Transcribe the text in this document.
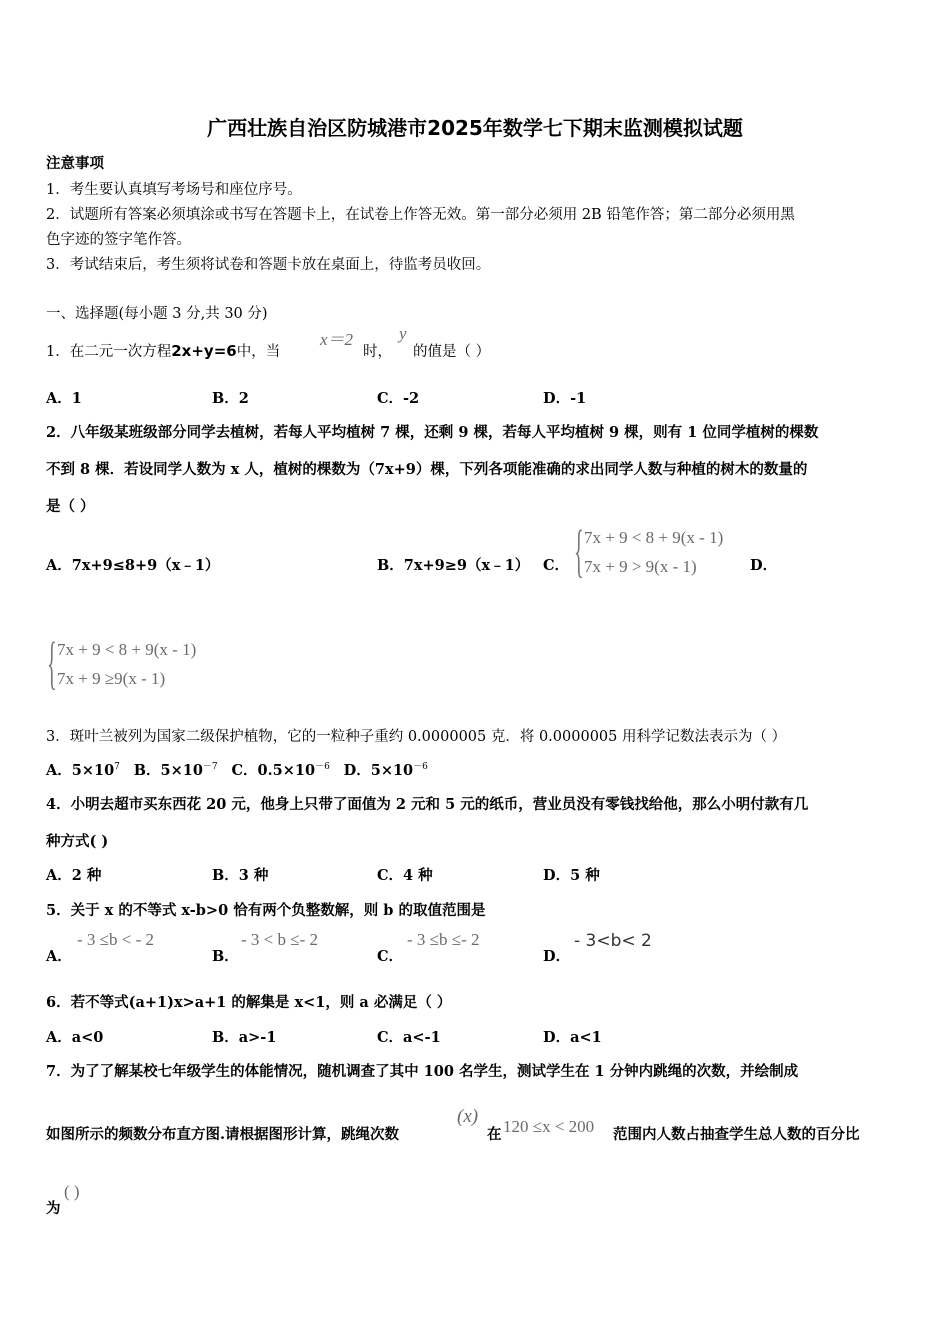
广西壮族自治区防城港市2025年数学七下期末监测模拟试题
注意事项
1．考生要认真填写考场号和座位序号。
2．试题所有答案必须填涂或书写在答题卡上，在试卷上作答无效。第一部分必须用 2B 铅笔作答；第二部分必须用黑
色字迹的签字笔作答。
3．考试结束后，考生须将试卷和答题卡放在桌面上，待监考员收回。
一、选择题(每小题 3 分,共 30 分)
1．在二元一次方程2x+y=6中，当
x＝2
时，
y
的值是（ ）
A．1	B．2	C．-2	D．-1
2．八年级某班级部分同学去植树，若每人平均植树 7 棵，还剩 9 棵，若每人平均植树 9 棵，则有 1 位同学植树的棵数
不到 8 棵．若设同学人数为 x 人，植树的棵数为（7x+9）棵，下列各项能准确的求出同学人数与种植的树木的数量的
是（ ）
A．7x+9≤8+9（x﹣1）	B．7x+9≥9（x﹣1） C． { 7x + 9 < 8 + 9(x - 1)
7x + 9 > 9(x - 1)	D．
{ 7x + 9 < 8 + 9(x - 1)
7x + 9 ≥9(x - 1)
3．斑叶兰被列为国家二级保护植物，它的一粒种子重约 0.0000005 克．将 0.0000005 用科学记数法表示为（ ）
A．$5\times 10^7$ B．$5\times 10^{-7}$ C．$0.5\times 10^{-6}$ D．$5\times 10^{-6}$
4．小明去超市买东西花 20 元，他身上只带了面值为 2 元和 5 元的纸币，营业员没有零钱找给他，那么小明付款有几
种方式( )
A．2 种	B．3 种	C．4 种	D．5 种
5．关于 x 的不等式 x-b>0 恰有两个负整数解，则 b 的取值范围是
A．
- 3 ≤b < - 2
B．
- 3 < b ≤- 2
C．
- 3 ≤b ≤- 2
D．
- 3<b< 2
6．若不等式(a+1)x>a+1 的解集是 x<1，则 a 必满足（ ）
A．a<0	B．a>-1	C．a<-1	D．a<1
7．为了了解某校七年级学生的体能情况，随机调查了其中 100 名学生，测试学生在 1 分钟内跳绳的次数，并绘制成
如图所示的频数分布直方图.请根据图形计算，跳绳次数
(x)
在 120 ≤x < 200 范围内人数占抽查学生总人数的百分比
为
( )
